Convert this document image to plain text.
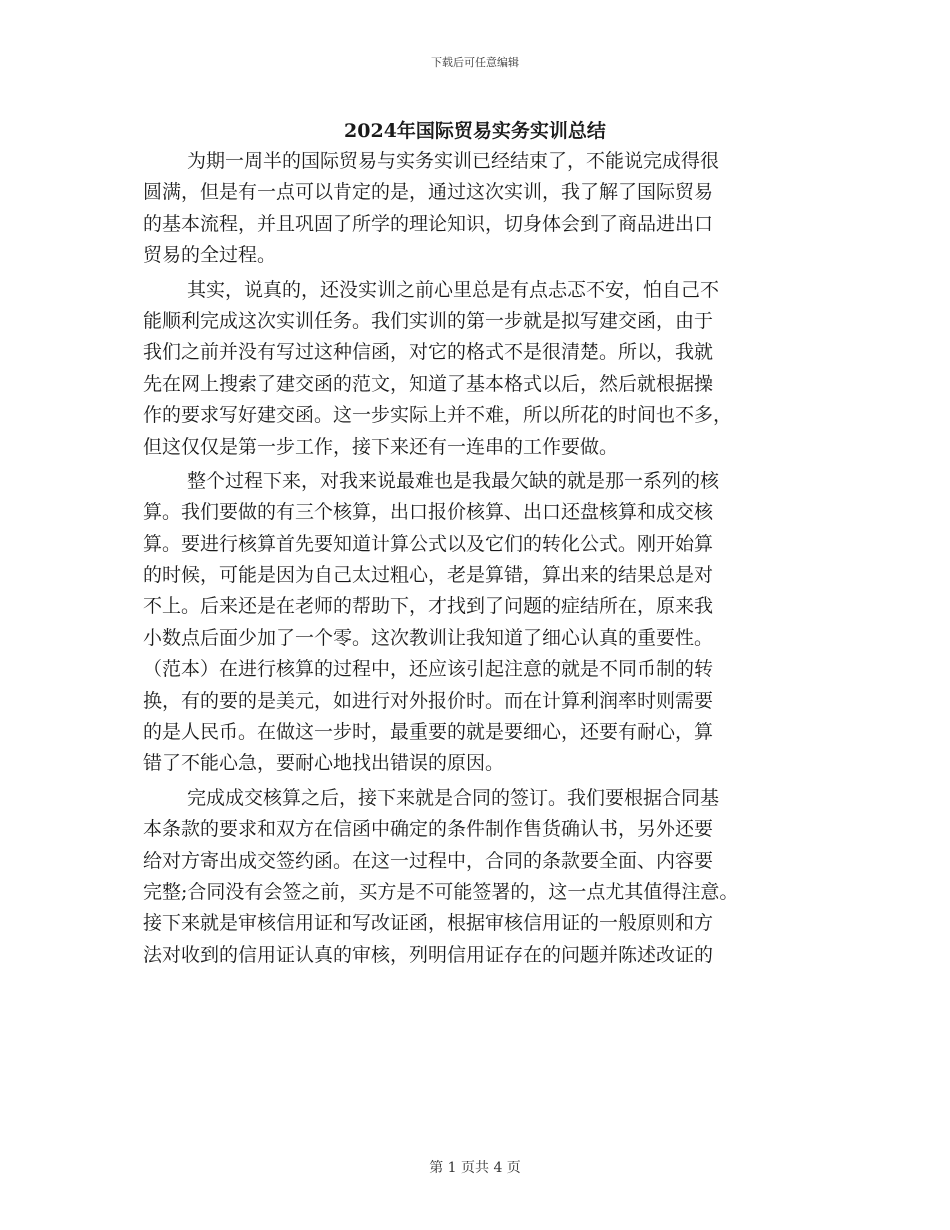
下载后可任意编辑
2024年国际贸易实务实训总结
为期一周半的国际贸易与实务实训已经结束了，不能说完成得很
圆满，但是有一点可以肯定的是，通过这次实训，我了解了国际贸易
的基本流程，并且巩固了所学的理论知识，切身体会到了商品进出口
贸易的全过程。
其实，说真的，还没实训之前心里总是有点忐忑不安，怕自己不
能顺利完成这次实训任务。我们实训的第一步就是拟写建交函，由于
我们之前并没有写过这种信函，对它的格式不是很清楚。所以，我就
先在网上搜索了建交函的范文，知道了基本格式以后，然后就根据操
作的要求写好建交函。这一步实际上并不难，所以所花的时间也不多，
但这仅仅是第一步工作，接下来还有一连串的工作要做。
整个过程下来，对我来说最难也是我最欠缺的就是那一系列的核
算。我们要做的有三个核算，出口报价核算、出口还盘核算和成交核
算。要进行核算首先要知道计算公式以及它们的转化公式。刚开始算
的时候，可能是因为自己太过粗心，老是算错，算出来的结果总是对
不上。后来还是在老师的帮助下，才找到了问题的症结所在，原来我
小数点后面少加了一个零。这次教训让我知道了细心认真的重要性。
（范本）在进行核算的过程中，还应该引起注意的就是不同币制的转
换，有的要的是美元，如进行对外报价时。而在计算利润率时则需要
的是人民币。在做这一步时，最重要的就是要细心，还要有耐心，算
错了不能心急，要耐心地找出错误的原因。
完成成交核算之后，接下来就是合同的签订。我们要根据合同基
本条款的要求和双方在信函中确定的条件制作售货确认书，另外还要
给对方寄出成交签约函。在这一过程中，合同的条款要全面、内容要
完整;合同没有会签之前，买方是不可能签署的，这一点尤其值得注意。
接下来就是审核信用证和写改证函，根据审核信用证的一般原则和方
法对收到的信用证认真的审核，列明信用证存在的问题并陈述改证的
第 1 页共 4 页
